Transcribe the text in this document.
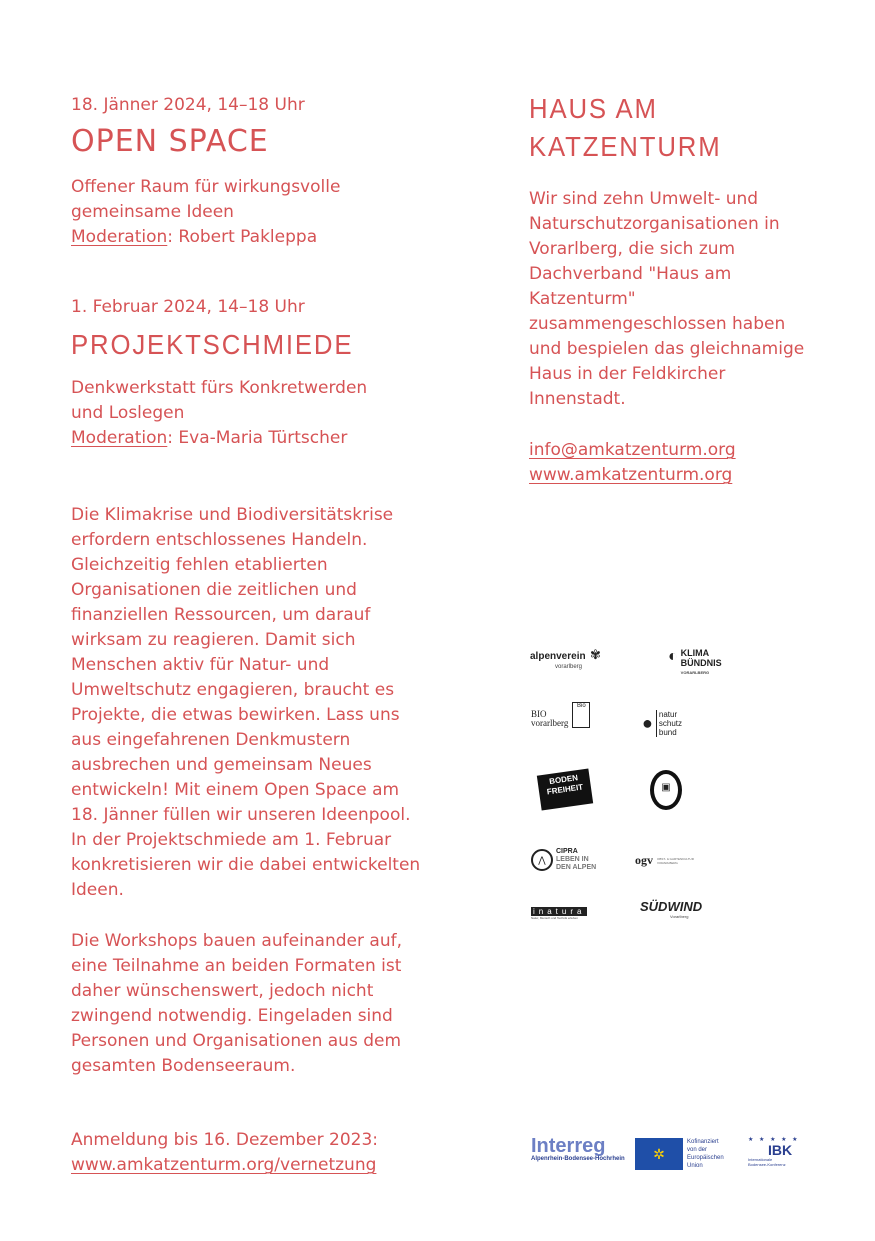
18. Jänner 2024, 14–18 Uhr
OPEN SPACE
Offener Raum für wirkungsvolle
gemeinsame Ideen
Moderation: Robert Pakleppa
1. Februar 2024, 14–18 Uhr
PROJEKTSCHMIEDE
Denkwerkstatt fürs Konkretwerden
und Loslegen
Moderation: Eva-Maria Türtscher
Die Klimakrise und Biodiversitätskrise erfordern entschlossenes Handeln. Gleichzeitig fehlen etablierten Organisationen die zeitlichen und finanziellen Ressourcen, um darauf wirksam zu reagieren. Damit sich Menschen aktiv für Natur- und Umweltschutz engagieren, braucht es Projekte, die etwas bewirken. Lass uns aus eingefahrenen Denkmustern ausbrechen und gemeinsam Neues entwickeln! Mit einem Open Space am 18. Jänner füllen wir unseren Ideenpool. In der Projektschmiede am 1. Februar konkretisieren wir die dabei entwickelten Ideen.
Die Workshops bauen aufeinander auf, eine Teilnahme an beiden Formaten ist daher wünschenswert, jedoch nicht zwingend notwendig. Eingeladen sind Personen und Organisationen aus dem gesamten Bodenseeraum.
Anmeldung bis 16. Dezember 2023:
www.amkatzenturm.org/vernetzung
HAUS AM
KATZENTURM
Wir sind zehn Umwelt- und Naturschutzorganisationen in Vorarlberg, die sich zum Dachverband "Haus am Katzenturm" zusammengeschlossen haben und bespielen das gleichnamige Haus in der Feldkircher Innenstadt.
info@amkatzenturm.org
www.amkatzenturm.org
alpenverein ✾
vorarlberg
◐ KLIMA
BÜNDNIS
VORARLBERG
BIO
vorarlberg
Bio
● natur
schutz
bund
BODEN
FREIHEIT	▣
⋀
CIPRA
LEBEN IN
DEN ALPEN
ogv OBST- & GARTENKULTUR
VORARLBERG
inatura
Natur, Mensch und Technik erleben
SÜDWIND
Vorarlberg
Interreg
Alpenrhein-Bodensee-Hochrhein	✲
Kofinanziert
von der
Europäischen
Union
★ ★ ★ ★ ★
IBK
Internationale
Bodensee-Konferenz
